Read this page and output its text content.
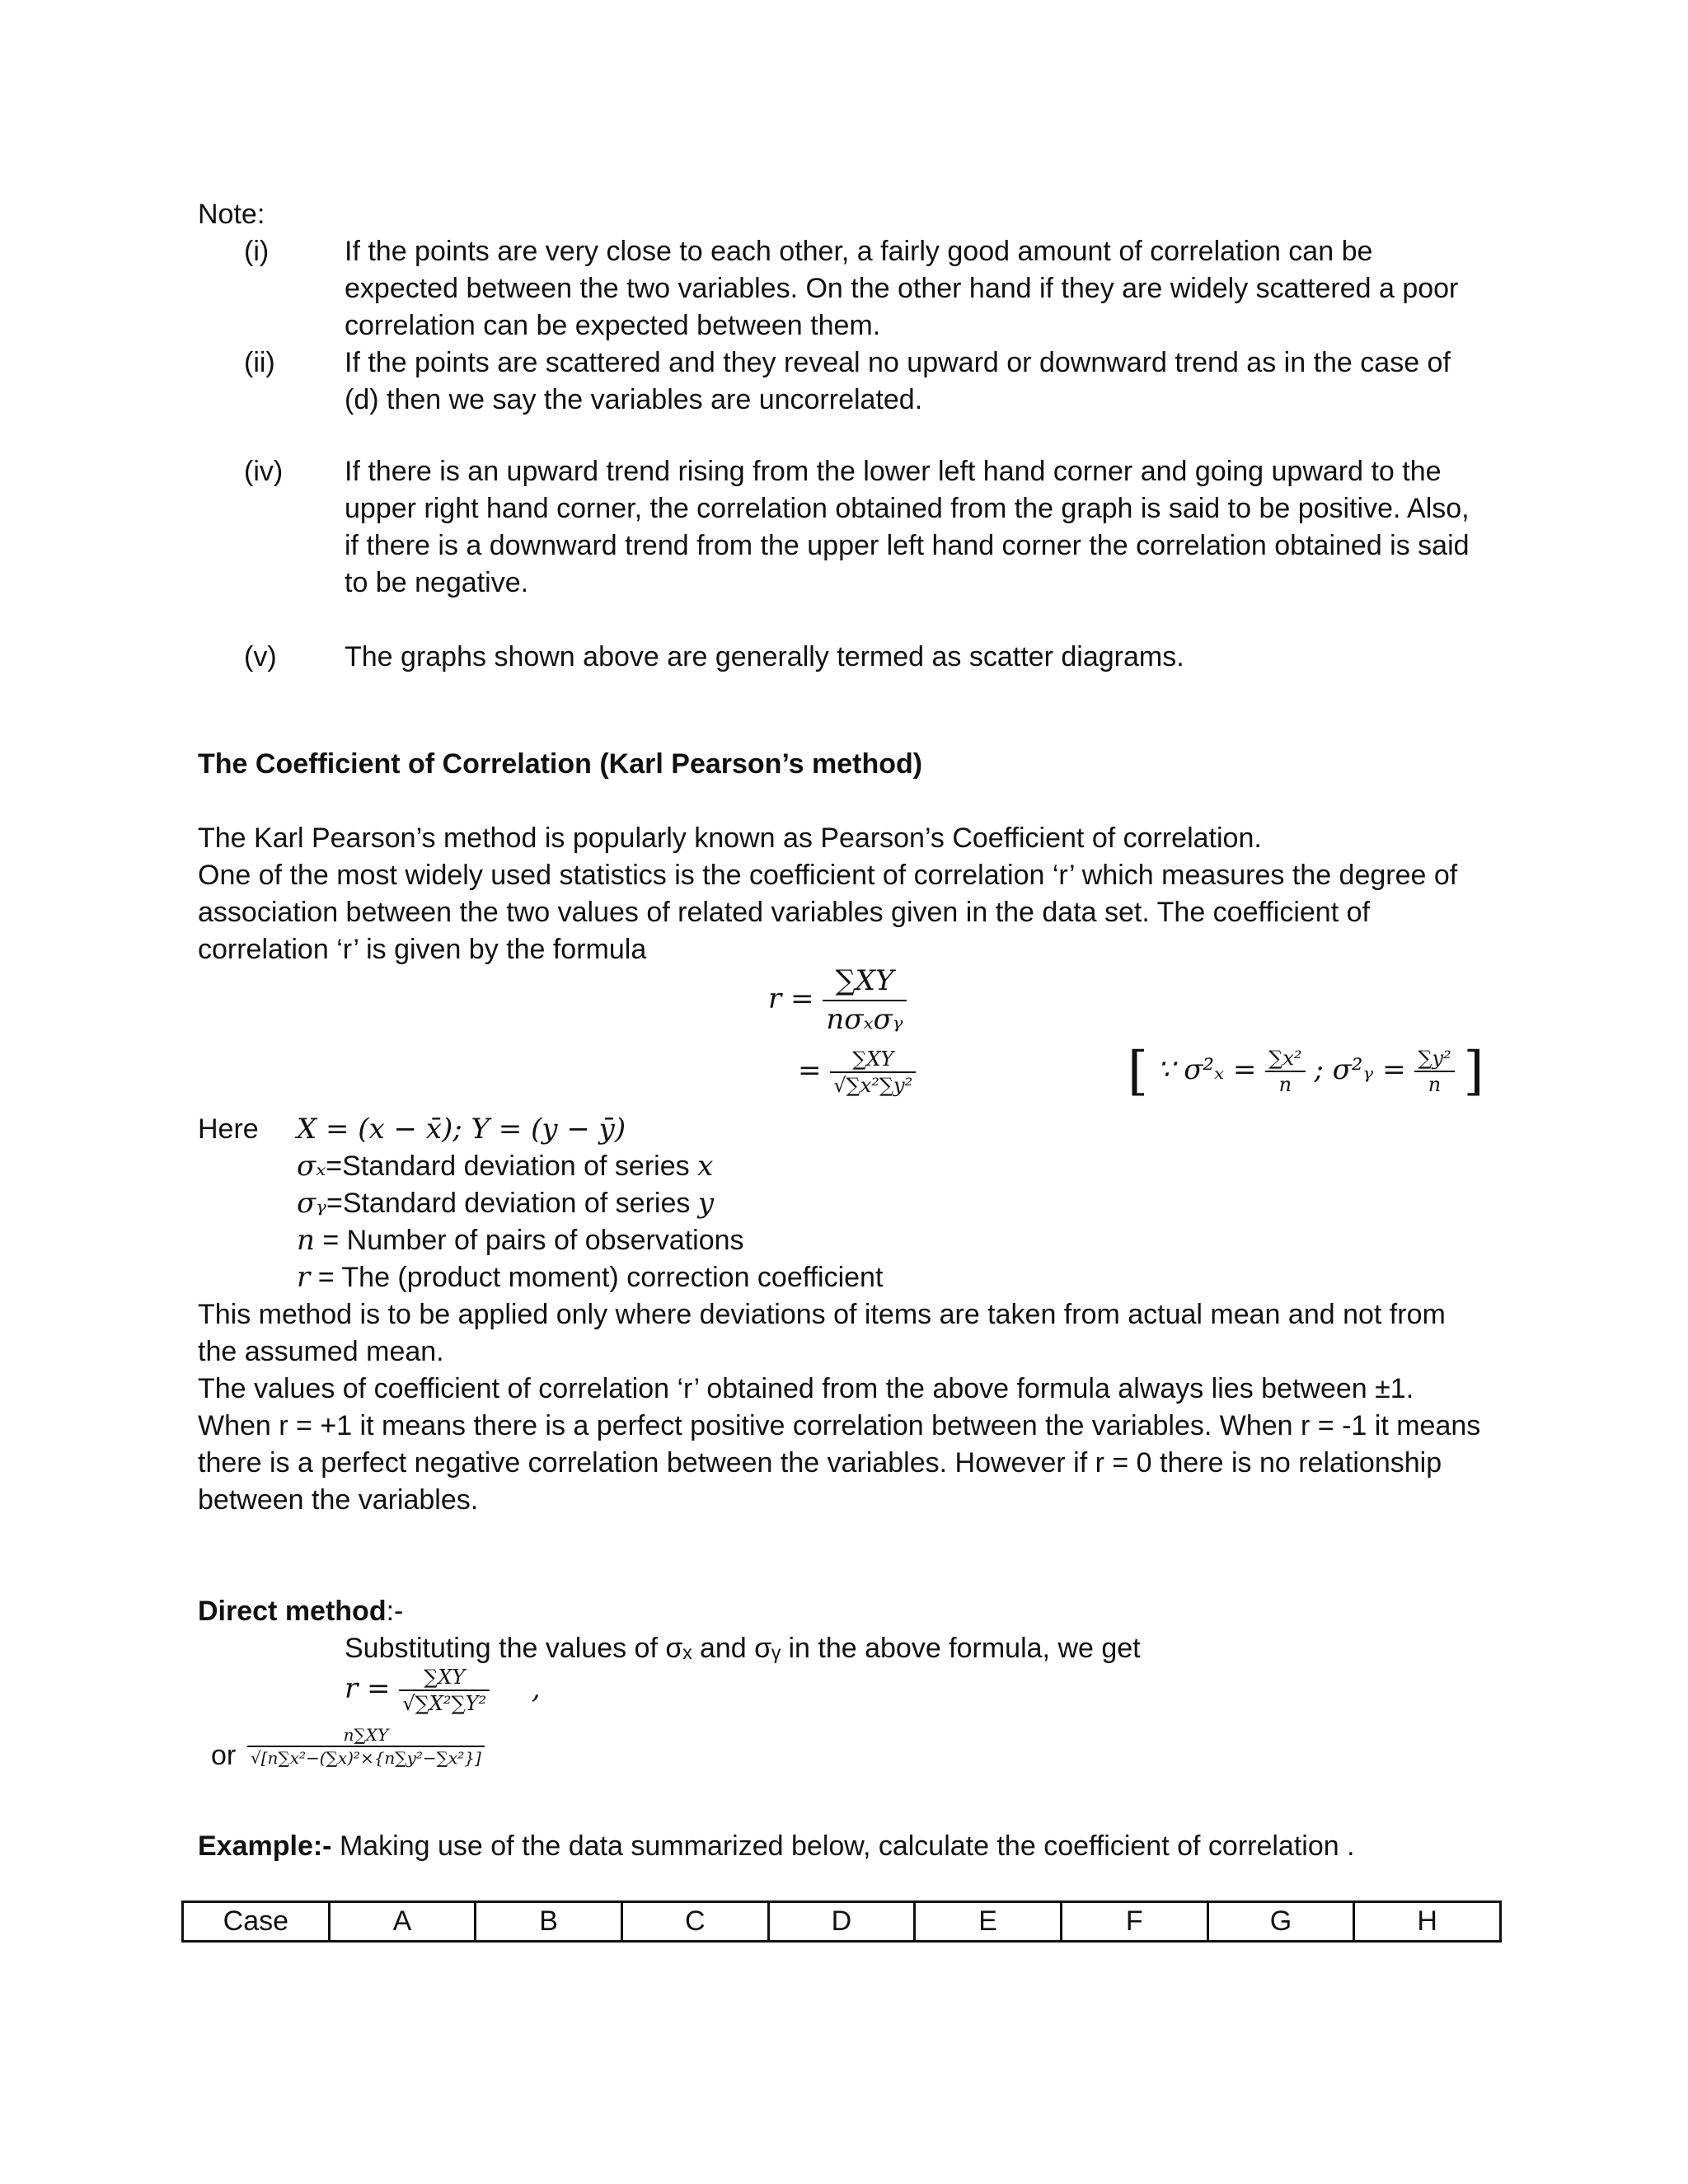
Note:
(i)	If the points are very close to each other, a fairly good amount of correlation can be
expected between the two variables. On the other hand if they are widely scattered a poor
correlation can be expected between them.
(ii) If the points are scattered and they reveal no upward or downward trend as in the case of
(d) then we say the variables are uncorrelated.
(iv) If there is an upward trend rising from the lower left hand corner and going upward to the
upper right hand corner, the correlation obtained from the graph is said to be positive. Also,
if there is a downward trend from the upper left hand corner the correlation obtained is said
to be negative.
(v) The graphs shown above are generally termed as scatter diagrams.
The Coefficient of Correlation (Karl Pearson’s method)
The Karl Pearson’s method is popularly known as Pearson’s Coefficient of correlation.
One of the most widely used statistics is the coefficient of correlation ‘r’ which measures the degree of
association between the two values of related variables given in the data set. The coefficient of
correlation ‘r’ is given by the formula
$r = \frac{\sum XY}{\text{nσₓσᵧ}}$
= $\frac{\sum XY}{\text{√∑x²∑y²}}$	[ ∵ $\sigma^2_x = \frac{\text{∑x²}}{n}$ ; σ²ᵧ = $\frac{\text{∑y²}}{n}$ ]
Here X = (x − x̄); Y = (y − ȳ)
σₓ=Standard deviation of series x
σᵧ=Standard deviation of series y
n = Number of pairs of observations
r = The (product moment) correction coefficient
This method is to be applied only where deviations of items are taken from actual mean and not from
the assumed mean.
The values of coefficient of correlation ‘r’ obtained from the above formula always lies between ±1.
When r = +1 it means there is a perfect positive correlation between the variables. When r = -1 it means
there is a perfect negative correlation between the variables. However if r = 0 there is no relationship
between the variables.
Direct method:-
Substituting the values of σₓ and σᵧ in the above formula, we get
$r = \frac{\sum XY}{\text{√∑X²∑Y²}}$ ,
or $\frac{n\sum XY}{\text{√[n∑x²−(∑x)²×\{n∑y²−∑x²\}]}}$
Example:- Making use of the data summarized below, calculate the coefficient of correlation .
Case	A	B	C	D	E	F	G	H
